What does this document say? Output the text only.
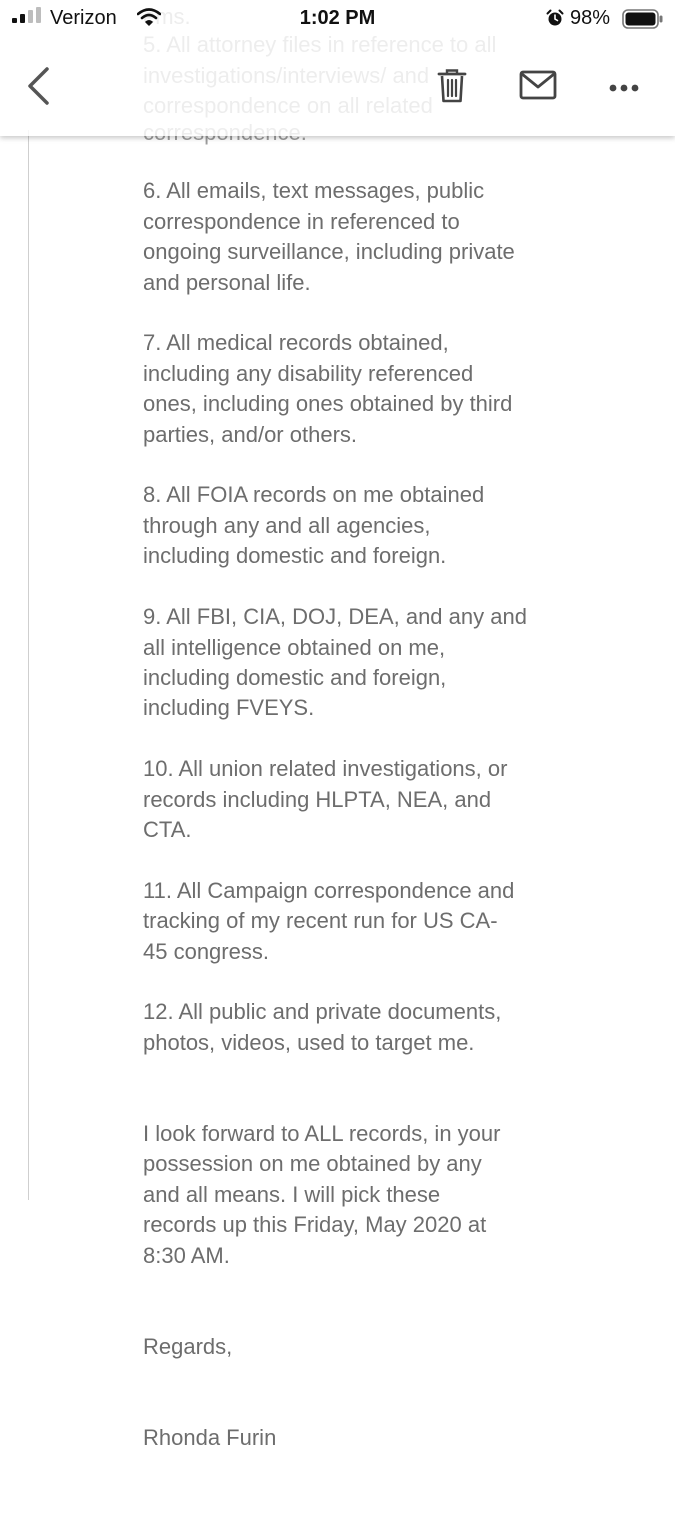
6. All emails, text messages, public
correspondence in referenced to
ongoing surveillance, including private
and personal life.

7. All medical records obtained,
including any disability referenced
ones, including ones obtained by third
parties, and/or others.

8. All FOIA records on me obtained
through any and all agencies,
including domestic and foreign.

9. All FBI, CIA, DOJ, DEA, and any and
all intelligence obtained on me,
including domestic and foreign,
including FVEYS.

10. All union related investigations, or
records including HLPTA, NEA, and
CTA.

11. All Campaign correspondence and
tracking of my recent run for US CA-
45 congress.

12. All public and private documents,
photos, videos, used to target me.

I look forward to ALL records, in your
possession on me obtained by any
and all means. I will pick these
records up this Friday, May 2020 at
8:30 AM.

Regards,

Rhonda Furin

Verizon	1:02 PM	98%
